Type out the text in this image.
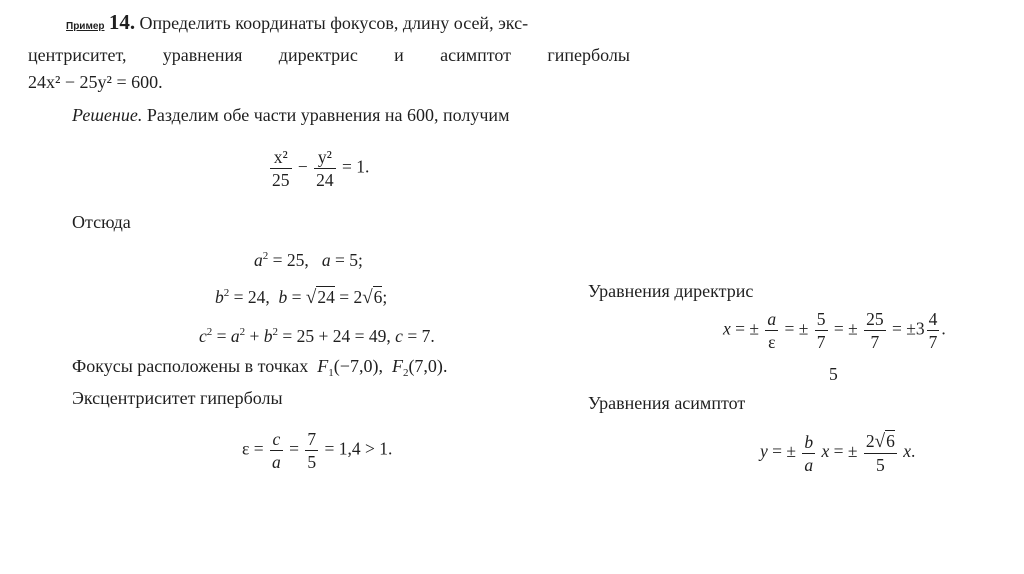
Пример 14. Определить координаты фокусов, длину осей, экс-
центриситет, уравнения директрис и асимптот гиперболы
24x² − 25y² = 600.
Решение. Разделим обе части уравнения на 600, получим
$\frac{\text{x²}}{25} - \frac{\text{y²}}{24} = 1$.
Отсюда
$a^2 = 25$,   a = 5;
$b^2 = 24$,  b = √24 = 2√6;
$c^2 = a^2 + b^2 = 25 + 24 = 49$, c = 7.
Фокусы расположены в точках $F_1(-7,0)$,  $F_2(7,0)$.
Эксцентриситет гиперболы
$\varepsilon = \frac{c}{a} = \frac{7}{5} = 1,4 > 1$.
Уравнения директрис
x = ± $\frac{a}{\varepsilon}$ = ± $\frac{5}{7}$ = ± $\frac{25}{7} = \pm 3 \frac{4}{7}$ .
5
Уравнения асимптот
y = ± $\frac{b}{a}$ x = ± $\frac{2√6}{5} x$.
